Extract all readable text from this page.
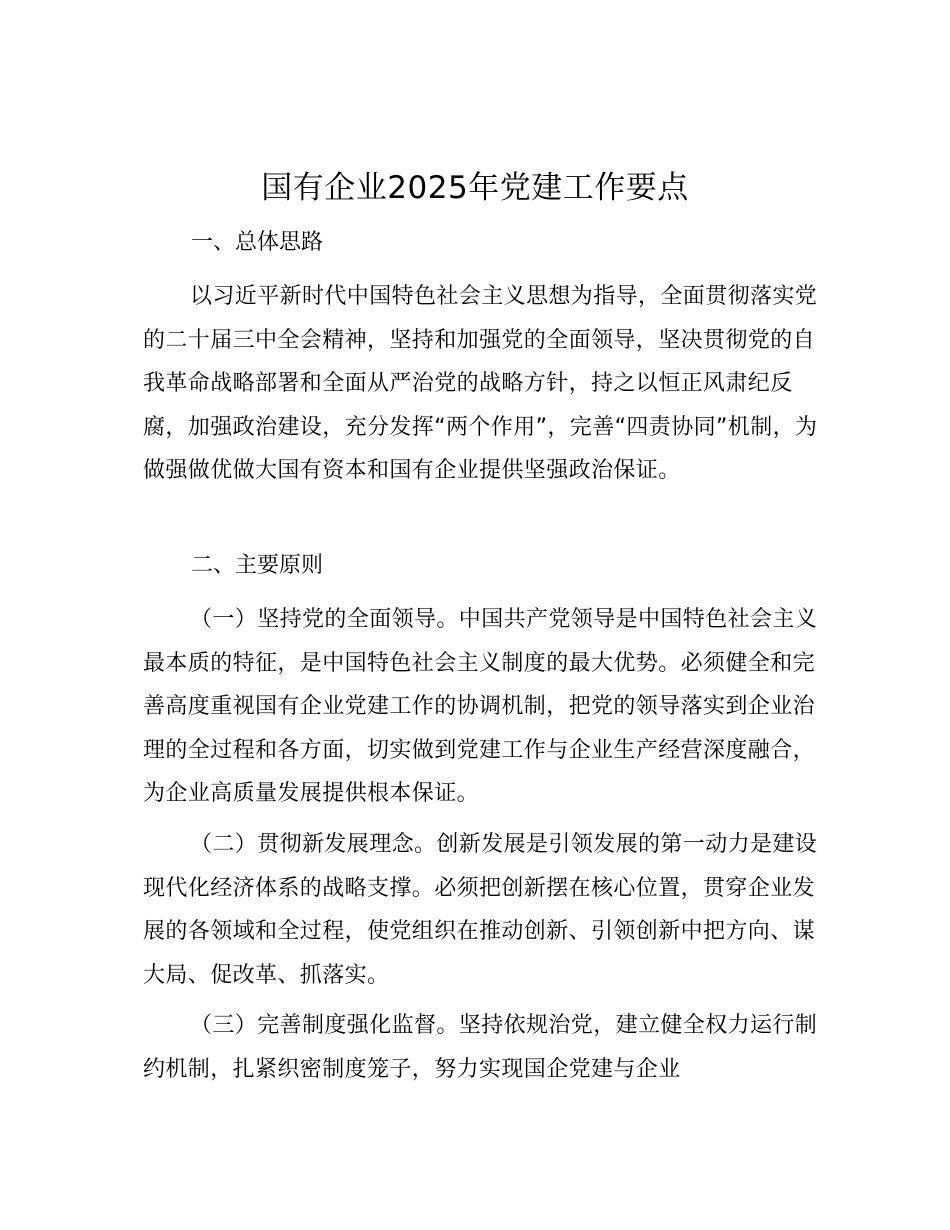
国有企业2025年党建工作要点
一、总体思路
以习近平新时代中国特色社会主义思想为指导，全面贯彻落实党的二十届三中全会精神，坚持和加强党的全面领导，坚决贯彻党的自我革命战略部署和全面从严治党的战略方针，持之以恒正风肃纪反腐，加强政治建设，充分发挥“两个作用”，完善“四责协同”机制，为做强做优做大国有资本和国有企业提供坚强政治保证。
二、主要原则
（一）坚持党的全面领导。中国共产党领导是中国特色社会主义最本质的特征，是中国特色社会主义制度的最大优势。必须健全和完善高度重视国有企业党建工作的协调机制，把党的领导落实到企业治理的全过程和各方面，切实做到党建工作与企业生产经营深度融合，为企业高质量发展提供根本保证。
（二）贯彻新发展理念。创新发展是引领发展的第一动力是建设现代化经济体系的战略支撑。必须把创新摆在核心位置，贯穿企业发展的各领域和全过程，使党组织在推动创新、引领创新中把方向、谋大局、促改革、抓落实。
（三）完善制度强化监督。坚持依规治党，建立健全权力运行制约机制，扎紧织密制度笼子，努力实现国企党建与企业
